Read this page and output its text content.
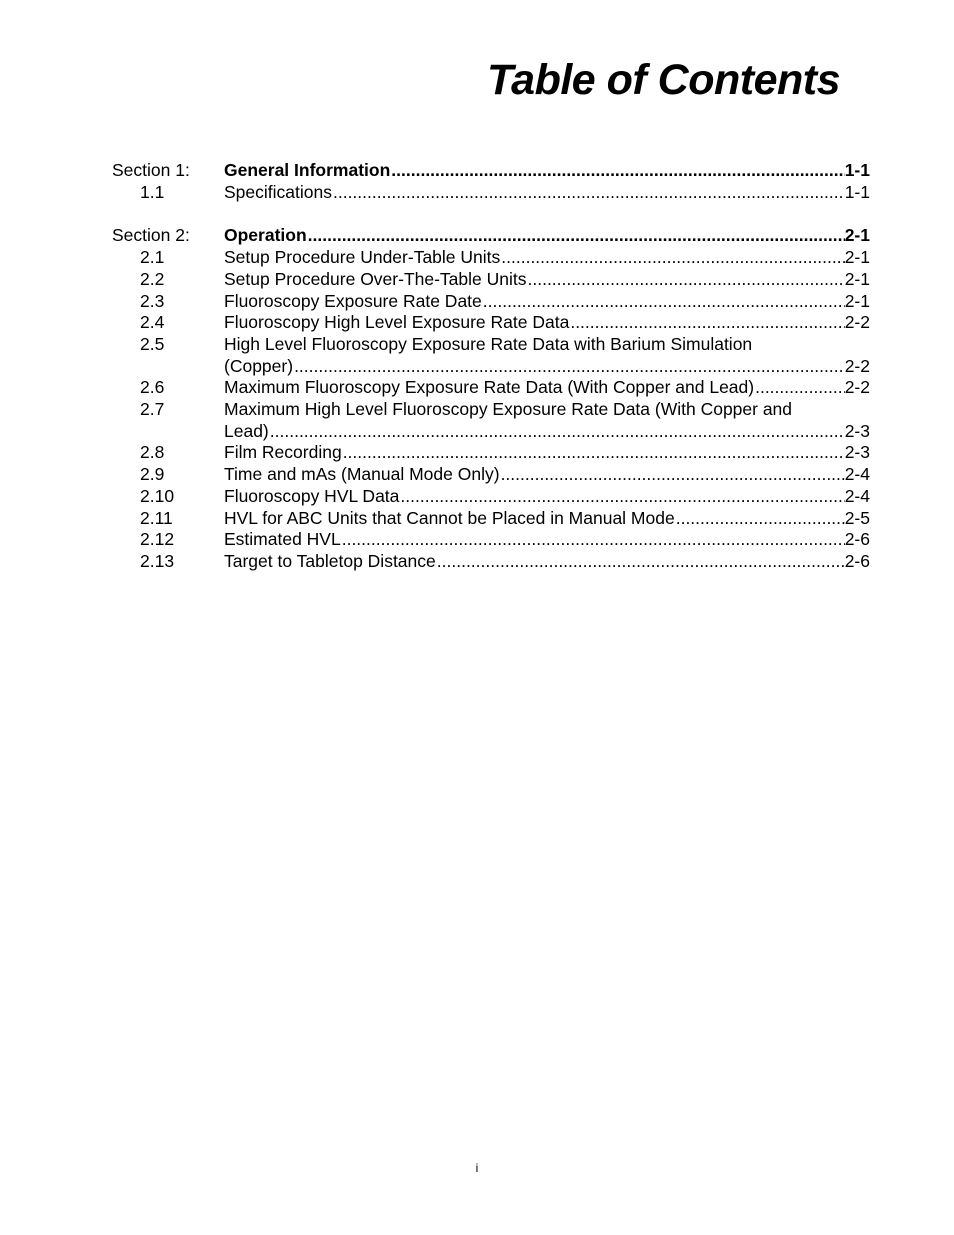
Table of Contents
Section 1:	General Information .....	1-1
1.1	Specifications .....	1-1
Section 2:	Operation .....	2-1
2.1	Setup Procedure Under-Table Units .....	2-1
2.2	Setup Procedure Over-The-Table Units .....	2-1
2.3	Fluoroscopy Exposure Rate Date .....	2-1
2.4	Fluoroscopy High Level Exposure Rate Data .....	2-2
2.5	High Level Fluoroscopy Exposure Rate Data with Barium Simulation
(Copper) .....	2-2
2.6	Maximum Fluoroscopy Exposure Rate Data (With Copper and Lead) .....	2-2
2.7	Maximum High Level Fluoroscopy Exposure Rate Data (With Copper and
Lead) .....	2-3
2.8	Film Recording .....	2-3
2.9	Time and mAs (Manual Mode Only) .....	2-4
2.10	Fluoroscopy HVL Data .....	2-4
2.11	HVL for ABC Units that Cannot be Placed in Manual Mode .....	2-5
2.12	Estimated HVL .....	2-6
2.13	Target to Tabletop Distance .....	2-6

i
